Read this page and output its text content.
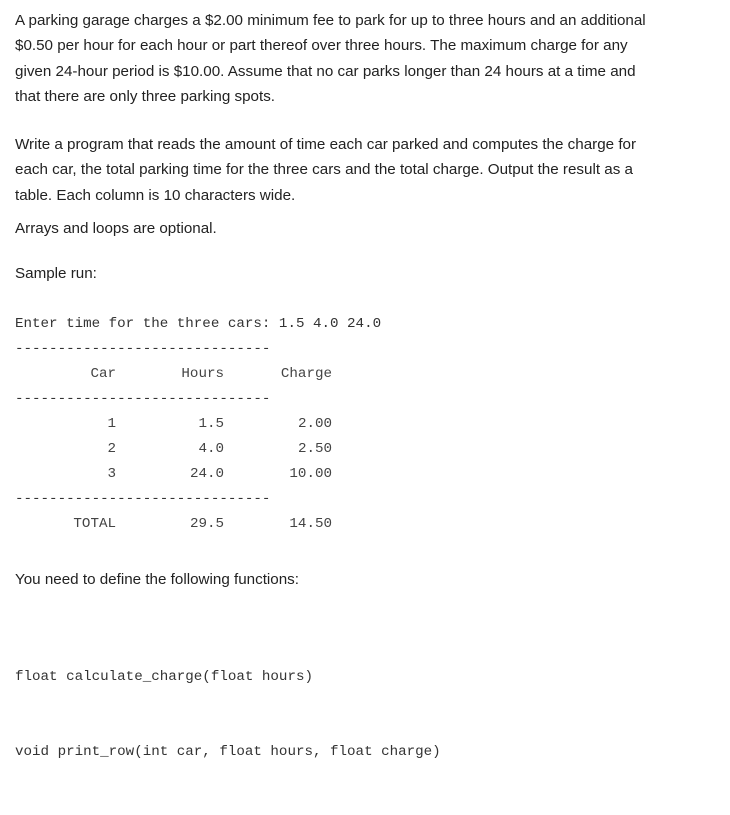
A parking garage charges a $2.00 minimum fee to park for up to three hours and an additional
$0.50 per hour for each hour or part thereof over three hours. The maximum charge for any
given 24-hour period is $10.00. Assume that no car parks longer than 24 hours at a time and
that there are only three parking spots.

Write a program that reads the amount of time each car parked and computes the charge for
each car, the total parking time for the three cars and the total charge. Output the result as a
table. Each column is 10 characters wide.

Arrays and loops are optional.

Sample run:

Enter time for the three cars: 1.5 4.0 24.0
------------------------------
Car	Hours	Charge
------------------------------
1	1.5	2.00
2	4.0	2.50
3	24.0	10.00
------------------------------
TOTAL	29.5	14.50

You need to define the following functions:

float calculate_charge(float hours)

void print_row(int car, float hours, float charge)
